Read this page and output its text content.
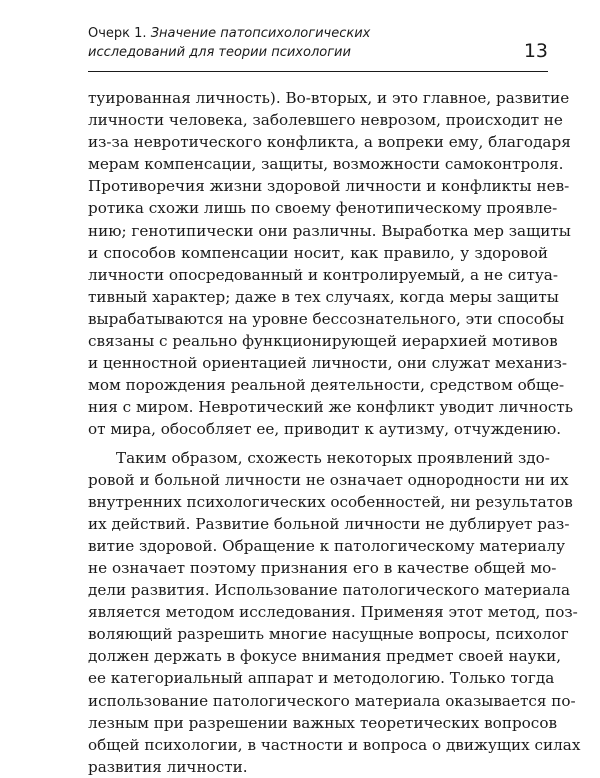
Очерк 1. Значение патопсихологических
исследований для теории психологии	13
туированная личность). Во-вторых, и это главное, развитие
личности человека, заболевшего неврозом, происходит не
из-за невротического конфликта, а вопреки ему, благодаря
мерам компенсации, защиты, возможности самоконтроля.
Противоречия жизни здоровой личности и конфликты нев-
ротика схожи лишь по своему фенотипическому проявле-
нию; генотипически они различны. Выработка мер защиты
и способов компенсации носит, как правило, у здоровой
личности опосредованный и контролируемый, а не ситуа-
тивный характер; даже в тех случаях, когда меры защиты
вырабатываются на уровне бессознательного, эти способы
связаны с реально функционирующей иерархией мотивов
и ценностной ориентацией личности, они служат механиз-
мом порождения реальной деятельности, средством обще-
ния с миром. Невротический же конфликт уводит личность
от мира, обособляет ее, приводит к аутизму, отчуждению.
Таким образом, схожесть некоторых проявлений здо-
ровой и больной личности не означает однородности ни их
внутренних психологических особенностей, ни результатов
их действий. Развитие больной личности не дублирует раз-
витие здоровой. Обращение к патологическому материалу
не означает поэтому признания его в качестве общей мо-
дели развития. Использование патологического материала
является методом исследования. Применяя этот метод, поз-
воляющий разрешить многие насущные вопросы, психолог
должен держать в фокусе внимания предмет своей науки,
ее категориальный аппарат и методологию. Только тогда
использование патологического материала оказывается по-
лезным при разрешении важных теоретических вопросов
общей психологии, в частности и вопроса о движущих силах
развития личности.
